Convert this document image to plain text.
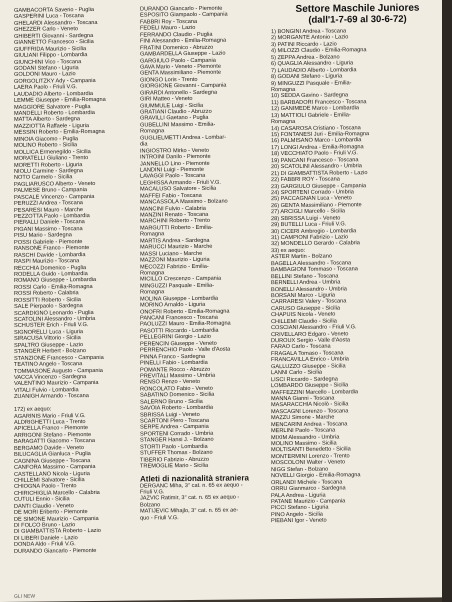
GAMBACORTA Saverio - Puglia
GASPERINI Luca - Toscana
GHELARDI Alessandro - Toscana
GHEZZER Carlo - Veneto
GHIBERTI Giovanni - Sardegna
GIANNETTO Francesco - Sicilia
GIUFFRIDA Maurizio - Sicilia
GIULIANI Filippo - Lombardia
GIUNCHINI Vico - Toscana
GODANI Stefano - Liguria
GOLDONI Mauro - Lazio
GORGOLITZKY Ady - Campania
LAERA Paolo - Friuli V.G.
LAUDADIO Alberto - Lombardia
LEMME Giuseppe - Emilia-Romagna
MAGGIORE Salvatore - Puglia
MANDELLI Roberto - Lombardia
MATTA Alberto - Sardegna
MAZZIOTTA Raffaele - Liguria
MESSINI Roberto - Emilia-Romagna
MINOIA Giacomo - Puglia
MOLINO Roberto - Sicilia
MOLLICA Ermenegildo - Sicilia
MORATELLI Giuliano - Trento
MORETTI Roberto - Liguria
NIOLU Carmine - Sardegna
NOTO Carmelo - Sicilia
PAGLIARUSCO Alberto - Veneto
PALMESE Bruno - Campania
PASCALE Vincenzo - Campania
PERUZZI Andrea - Toscana
PESARESI Mauro - Marche
PEZZOTTA Paolo - Lombardia
PIERALLI Daniele - Toscana
PIGANI Massimo - Toscana
PISU Mario - Sardegna
POSSI Gabriele - Piemonte
RANSONE Franco - Piemonte
RASCHI Davide - Lombardia
RASPI Maurizio - Toscana
RECCHIA Domenico - Puglia
RODELLA Guido - Lombardia
ROMANO Giuseppe - Lombardia
ROSSI Carlo - Emilia-Romagna
ROSSI Roberto - Calabria
ROSSITTI Roberto - Sicilia
SALE Pierpaolo - Sardegna
SCARDIGNO Leonardo - Puglia
SCATOLINI Alessandro - Umbria
SCHUSTER Erich - Friuli V.G.
SIGNORELLI Luca - Liguria
SIRACUSA Vittorio - Sicilia
SPALTRO Giuseppe - Lazio
STANGER Herbert - Bolzano
STANZIONE Francesco - Campania
TEATINO Angelo - Toscana
TOMMASONE Augusto - Campania
VACCA Vincenzo - Sardegna
VALENTINO Maurizio - Campania
VITALI Fulvio - Lombardia
ZUANIGH Armando - Toscana
172) ex aequo:
AGARINIS Mario - Friuli V.G.
ALDRIGHETTI Luca - Trento
APICELLA Franco - Piemonte
ARRIGONI Stefano - Piemonte
BARAGATTI Giacomo - Toscana
BERGAMO Davide - Veneto
BILUCAGLIA Gianluca - Puglia
CAGNINA Giuseppe - Toscana
CANFORA Massimo - Campania
CASTELLANO Nicola - Liguria
CHILLEMI Salvatore - Sicilia
CHIOGNA Paolo - Trento
CHIRICHIGLIA Marcello - Calabria
CUTULI Ennio - Sicilia
DANTI Claudio - Veneto
DE MORI Eriberto - Piemonte
DE SIMONE Maurizio - Campania
DI FOLCO Bruno - Lazio
DI GIAMBATTISTA Roberto - Lazio
DI LIBERI Daniele - Lazio
DONDA Aldo - Friuli V.G.
DURANDO Giancarlo - Piemonte
DURANDO Giancarlo - Piemonte
ESPOSITO Giampaolo - Campania
FABBRI Roy - Toscana
FEDELI Mauro - Lazio
FERRANDO Claudio - Puglia
FINI Alessandro - Emilia-Romagna
FRATINI Domenico - Abruzzo
GAMBARDELLA Giuseppe - Lazio
GARGIULO Paolo - Campania
GAVA Mario - Veneto - Piemonte
GENTA Massimiliano - Piemonte
GIONGO Loris - Trento
GIORGIONE Giovanni - Campania
GIRARDI Antonello - Sardegna
GIRI Matteo - Veneto
GIUMMULE Luigi - Sicilia
GRATIANI Claudio - Abruzzo
GRAVILLI Gaetano - Puglia
GUBELLINI Massimo - Emilia-
Romagna
GUGLIELMETTI Andrea - Lombar-
dia
INGIOSTRO Mirko - Veneto
INTROINI Danilo - Piemonte
JANNELLO Lino - Piemonte
LANDINI Luigi - Piemonte
LAVAGGI Paolo - Toscana
LEGHISSA Armando - Friuli V.G.
MACALUSO Salvatore - Sicilia
MAFFEI Fabio - Toscana
MANCASSOLA Massimo - Bolzano
MANCINI Fulvio - Calabria
MANZINI Renato - Toscana
MARCHINI Roberto - Trento
MARGUTTI Roberto - Emilia-
Romagna
MARTIS Andrea - Sardegna
MARUCCI Maurizio - Marche
MASSI Luciano - Marche
MAZZONI Maurizio - Liguria
MECOZZI Fabrizio - Emilia-
Romagna
MICILLO Crescenzo - Campania
MINGUZZI Pasquale - Emilia-
Romagna
MOLINA Giuseppe - Lombardia
MORINO Arnaldo - Liguria
ONOFRI Roberto - Emilia-Romagna
PANCANI Francesco - Toscana
PAOLUZZI Mauro - Emilia-Romagna
PASOTTI Riccardo - Lombardia
PELLEGRINI Giorgio - Lazio
PERENCIN Giuseppe - Veneto
PERRENCHIO Paolo - Valle d'Aosta
PINNA Franco - Sardegna
PINELLI Fabio - Lombardia
POMANTE Rocco - Abruzzo
PREVITALI Massimo - Umbria
RENSO Renzo - Veneto
RONCOLATO Fabio - Veneto
SABATINO Domenico - Sicilia
SALERNO Bruno - Sicilia
SAVOIA Roberto - Lombardia
SBRISSA Luigi - Veneto
SCARTONI Piero - Toscana
SERPE Andrea - Campania
SPORTENI Corrado - Umbria
STANGER Hansi J. - Bolzano
STORTI Paolo - Lombardia
STUFFER Thomas - Bolzano
TIBERIO Fabrizio - Abruzzo
TREMOGLIE Mario - Sicilia
Atleti di nazionalità straniera
DERGANC Miha, 3° cat. n. 65 ex aequo -
Friuli V.G.
JAZVIC Ratimir, 3° cat. n. 65 ex aequo -
Bolzano
MATIJEVIC Mihajlo, 3° cat. n. 65 ex ae-
quo - Friuli V.G.
Settore Maschile Juniores
(dall'1-7-69 al 30-6-72)
1) BONGINI Andrea - Toscana
2) MORGANTE Antonio - Lazio
3) PATINI Riccardo - Lazio
4) MILOZZI Claudio - Emilia-Romagna
5) ZEPPA Andrea - Bolzano
6) QUAGLIA Alessandro - Liguria
7) LAUDADIO Alberto - Lombardia
8) GODANI Stefano - Liguria
9) MINGUZZI Pasquale - Emilia-
Romagna
10) SEDDA Gavino - Sardegna
11) BARBADORI Francesco - Toscana
12) GANIMEDE Marco - Lombardia
13) MATTIOLI Gabriele - Emilia-
Romagna
14) CASAROSA Cristiano - Toscana
15) FONTANESI Juri - Emilia-Romagna
16) PALMISANO Marco - Lombardia
17) LONGI Andrea - Emilia-Romagna
18) VECCHIATO Paolo - Friuli V.G.
19) PANCANI Francesco - Toscana
20) SCATOLINI Alessandro - Umbria
21) DI GIAMBATTISTA Roberto - Lazio
22) FABBRI ROY - Toscana
23) GARGIULO Giuseppe - Campania
24) SPORTENI Corrado - Umbria
25) PACCAGNAN Luca - Veneto
26) GENTA Massimiliano - Piemonte
27) ARCIGLI Marcello - Sicilia
28) SBRISSA Luigi - Veneto
29) BUTELLI Luca - Friuli V.G.
30) CICERI Ambrogio - Lombardia
31) CAMPIONI Fabrizio - Lazio
32) MONDELLO Gerardo - Calabria
33) ex aequo:
ASTER Martin - Bolzano
BAGELLA Alessandro - Toscana
BAMBAGIONI Tommaso - Toscana
BELLINI Stefano - Toscana
BERNELLI Andrea - Umbria
BONELLI Alessandro - Umbria
BORSANI Marco - Liguria
CARRARESI Valery - Toscana
CARUSO Giuseppe - Sicilia
CHAPUIS Nicola - Veneto
CHILLEMI Claudio - Sicilia
COSCIANI Alessandro - Friuli V.G.
CRIVELLARO Edgaro - Veneto
DUROUX Sergio - Valle d'Aosta
FARAO Carlo - Toscana
FRAGALA Tomaso - Toscana
FRANCAVILLA Enrico - Umbria
GALLUZZO Giuseppe - Sicilia
LANNI Carlo - Sicilia
LISCI Riccardo - Sardegna
LOMBARDO Giuseppe - Sicilia
MAFFEZZINI Marcello - Lombardia
MANNA Gianni - Toscana
MASARACCHIA Nicolò - Sicilia
MASCAGNI Lorenzo - Toscana
MAZZU Simone - Marche
MENCARINI Andrea - Toscana
MERLINI Paolo - Toscana
MIXIM Alessandro - Umbria
MOLINO Massimo - Sicilia
MOLTISANTI Benedetto - Sicilia
MONTERMINI Lorenzo - Trento
MOSCOLONI Walter - Veneto
NIGG Stefan - Bolzano
NOVELLI Giorgio - Emilia-Romagna
ORLANDI Michele - Toscana
ORRU Gianmarco - Sardegna
PALA Andrea - Liguria
PATANE Maurizio - Campania
PICCI Stefano - Liguria
PINO Angelo - Sicilia
PIEBANI Igor - Veneto
GLI NEW
